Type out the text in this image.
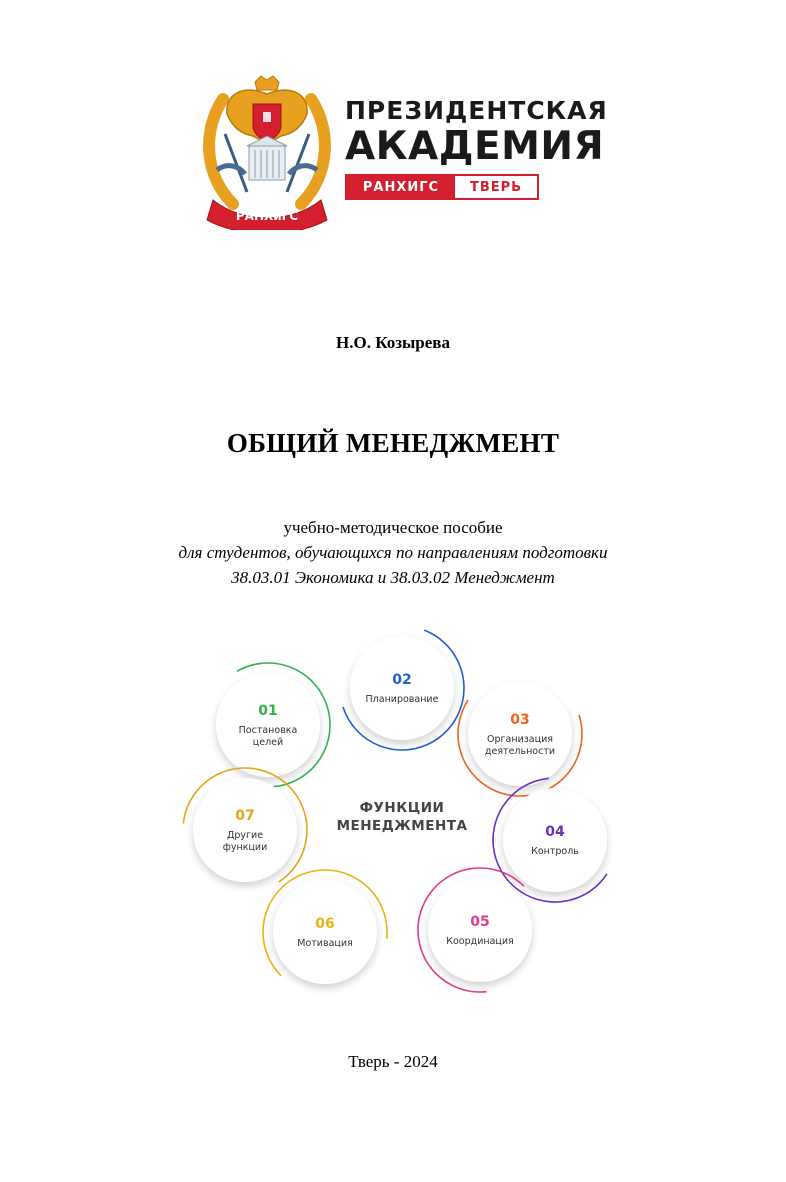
РАНХиГС
ПРЕЗИДЕНТСКАЯ
АКАДЕМИЯ
РАНХИГС	ТВЕРЬ
Н.О. Козырева
ОБЩИЙ МЕНЕДЖМЕНТ
учебно-методическое пособие
для студентов, обучающихся по направлениям подготовки
38.03.01 Экономика и 38.03.02 Менеджмент
ФУНКЦИИ
МЕНЕДЖМЕНТА
01
Постановка
целей
02
Планирование
03
Организация
деятельности
04
Контроль
05
Координация
06
Мотивация
07
Другие
функции
Тверь - 2024
